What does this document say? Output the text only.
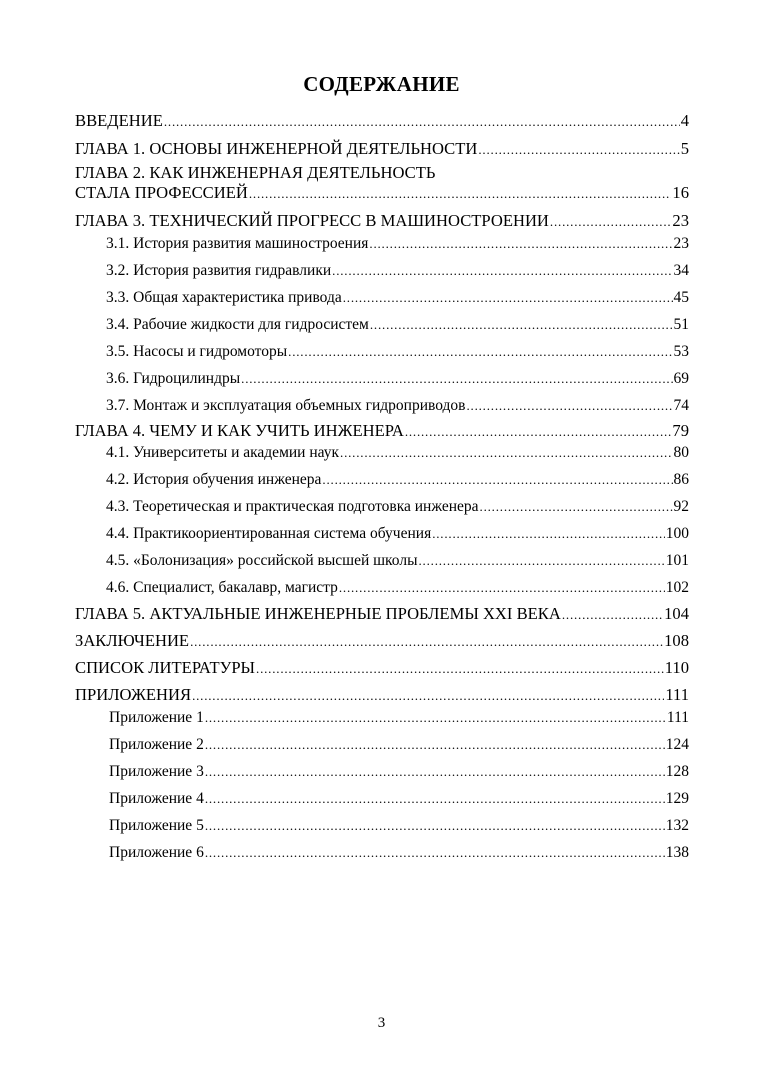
СОДЕРЖАНИЕ
ВВЕДЕНИЕ .....	4
ГЛАВА 1. ОСНОВЫ ИНЖЕНЕРНОЙ ДЕЯТЕЛЬНОСТИ .....	5
ГЛАВА 2. КАК ИНЖЕНЕРНАЯ ДЕЯТЕЛЬНОСТЬ
СТАЛА ПРОФЕССИЕЙ .....	16
ГЛАВА 3. ТЕХНИЧЕСКИЙ ПРОГРЕСС В МАШИНОСТРОЕНИИ .....	23
3.1. История развития машиностроения .....	23
3.2. История развития гидравлики .....	34
3.3. Общая характеристика привода .....	45
3.4. Рабочие жидкости для гидросистем .....	51
3.5. Насосы и гидромоторы .....	53
3.6. Гидроцилиндры .....	69
3.7. Монтаж и эксплуатация объемных гидроприводов .....	74
ГЛАВА 4. ЧЕМУ И КАК УЧИТЬ ИНЖЕНЕРА .....	79
4.1. Университеты и академии наук .....	80
4.2. История обучения инженера .....	86
4.3. Теоретическая и практическая подготовка инженера .....	92
4.4. Практикоориентированная система обучения .....	100
4.5. «Болонизация» российской высшей школы .....	101
4.6. Специалист, бакалавр, магистр .....	102
ГЛАВА 5. АКТУАЛЬНЫЕ ИНЖЕНЕРНЫЕ ПРОБЛЕМЫ XXI ВЕКА .....	104
ЗАКЛЮЧЕНИЕ .....	108
СПИСОК ЛИТЕРАТУРЫ .....	110
ПРИЛОЖЕНИЯ .....	111
Приложение 1 .....	111
Приложение 2 .....	124
Приложение 3 .....	128
Приложение 4 .....	129
Приложение 5 .....	132
Приложение 6 .....	138
3
